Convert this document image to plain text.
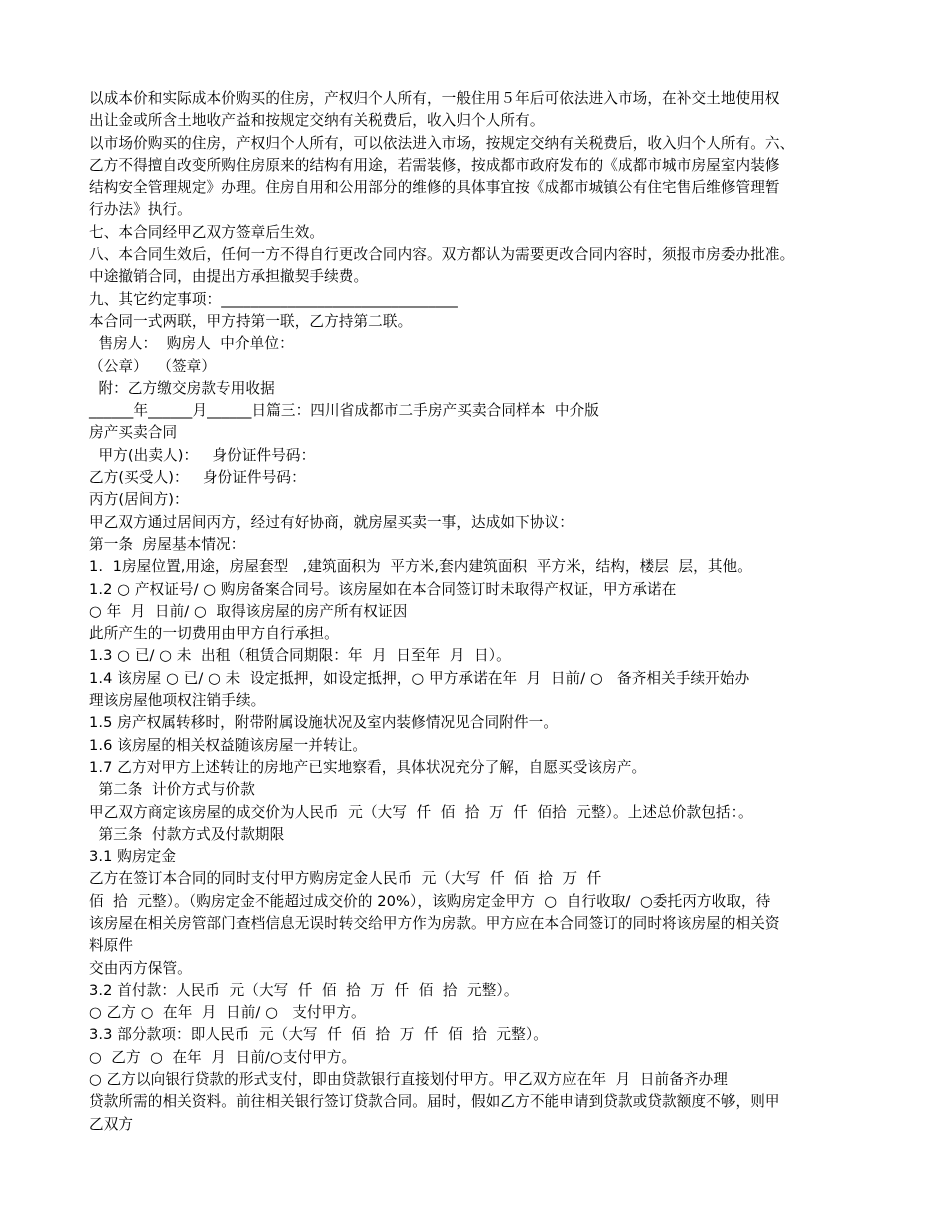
以成本价和实际成本价购买的住房，产权归个人所有，一般住用５年后可依法进入市场，在补交土地使用权
出让金或所含土地收产益和按规定交纳有关税费后，收入归个人所有。
以市场价购买的住房，产权归个人所有，可以依法进入市场，按规定交纳有关税费后，收入归个人所有。六、
乙方不得擅自改变所购住房原来的结构有用途，若需装修，按成都市政府发布的《成都市城市房屋室内装修
结构安全管理规定》办理。住房自用和公用部分的维修的具体事宜按《成都市城镇公有住宅售后维修管理暂
行办法》执行。
七、本合同经甲乙双方签章后生效。
八、本合同生效后，任何一方不得自行更改合同内容。双方都认为需要更改合同内容时，须报市房委办批准。
中途撤销合同，由提出方承担撤契手续费。
九、其它约定事项：________________________________
本合同一式两联，甲方持第一联，乙方持第二联。
售房人：  购房人  中介单位：
（公章）  （签章）
附：乙方缴交房款专用收据
______年______月______日篇三：四川省成都市二手房产买卖合同样本  中介版
房产买卖合同
甲方(出卖人)：   身份证件号码：
乙方(买受人)：   身份证件号码：
丙方(居间方)：
甲乙双方通过居间丙方，经过有好协商，就房屋买卖一事，达成如下协议：
第一条  房屋基本情况：
1.  1房屋位置,用途，房屋套型   ,建筑面积为  平方米,套内建筑面积  平方米，结构，楼层  层，其他。
1.2 ○ 产权证号/ ○ 购房备案合同号。该房屋如在本合同签订时未取得产权证，甲方承诺在
○ 年  月  日前/ ○  取得该房屋的房产所有权证因
此所产生的一切费用由甲方自行承担。
1.3 ○ 已/ ○ 未  出租（租赁合同期限：年  月  日至年  月  日）。
1.4 该房屋 ○ 已/ ○ 未  设定抵押，如设定抵押，○ 甲方承诺在年  月  日前/ ○   备齐相关手续开始办
理该房屋他项权注销手续。
1.5 房产权属转移时，附带附属设施状况及室内装修情况见合同附件一。
1.6 该房屋的相关权益随该房屋一并转让。
1.7 乙方对甲方上述转让的房地产已实地察看，具体状况充分了解，自愿买受该房产。
第二条  计价方式与价款
甲乙双方商定该房屋的成交价为人民币  元（大写  仟  佰  拾  万  仟  佰拾  元整）。上述总价款包括：。
第三条  付款方式及付款期限
3.1 购房定金
乙方在签订本合同的同时支付甲方购房定金人民币  元（大写  仟  佰  拾  万  仟
佰  拾  元整）。（购房定金不能超过成交价的 20%），该购房定金甲方  ○  自行收取/  ○委托丙方收取，待
该房屋在相关房管部门查档信息无误时转交给甲方作为房款。甲方应在本合同签订的同时将该房屋的相关资
料原件
交由丙方保管。
3.2 首付款：人民币  元（大写  仟  佰  拾  万  仟  佰  拾  元整）。
○ 乙方 ○  在年  月  日前/ ○   支付甲方。
3.3 部分款项：即人民币  元（大写  仟  佰  拾  万  仟  佰  拾  元整）。
○  乙方  ○  在年  月  日前/○支付甲方。
○ 乙方以向银行贷款的形式支付，即由贷款银行直接划付甲方。甲乙双方应在年  月  日前备齐办理
贷款所需的相关资料。前往相关银行签订贷款合同。届时，假如乙方不能申请到贷款或贷款额度不够，则甲
乙双方
